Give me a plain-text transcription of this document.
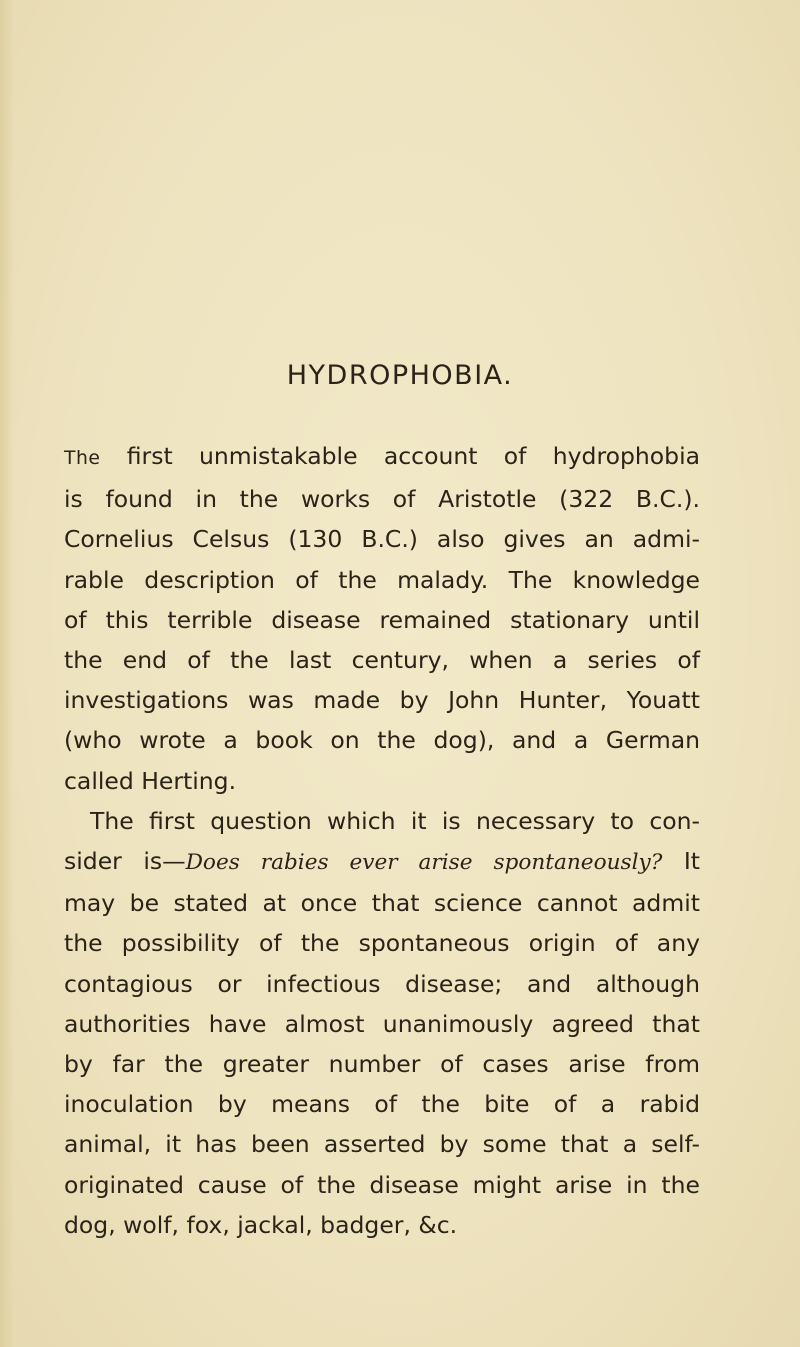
HYDROPHOBIA.
The first unmistakable account of hydrophobia
is found in the works of Aristotle (322 B.C.).
Cornelius Celsus (130 B.C.) also gives an admi-
rable description of the malady. The knowledge
of this terrible disease remained stationary until
the end of the last century, when a series of
investigations was made by John Hunter, Youatt
(who wrote a book on the dog), and a German
called Herting.
The first question which it is necessary to con-
sider is—Does rabies ever arise spontaneously? It
may be stated at once that science cannot admit
the possibility of the spontaneous origin of any
contagious or infectious disease; and although
authorities have almost unanimously agreed that
by far the greater number of cases arise from
inoculation by means of the bite of a rabid
animal, it has been asserted by some that a self-
originated cause of the disease might arise in the
dog, wolf, fox, jackal, badger, &c.
